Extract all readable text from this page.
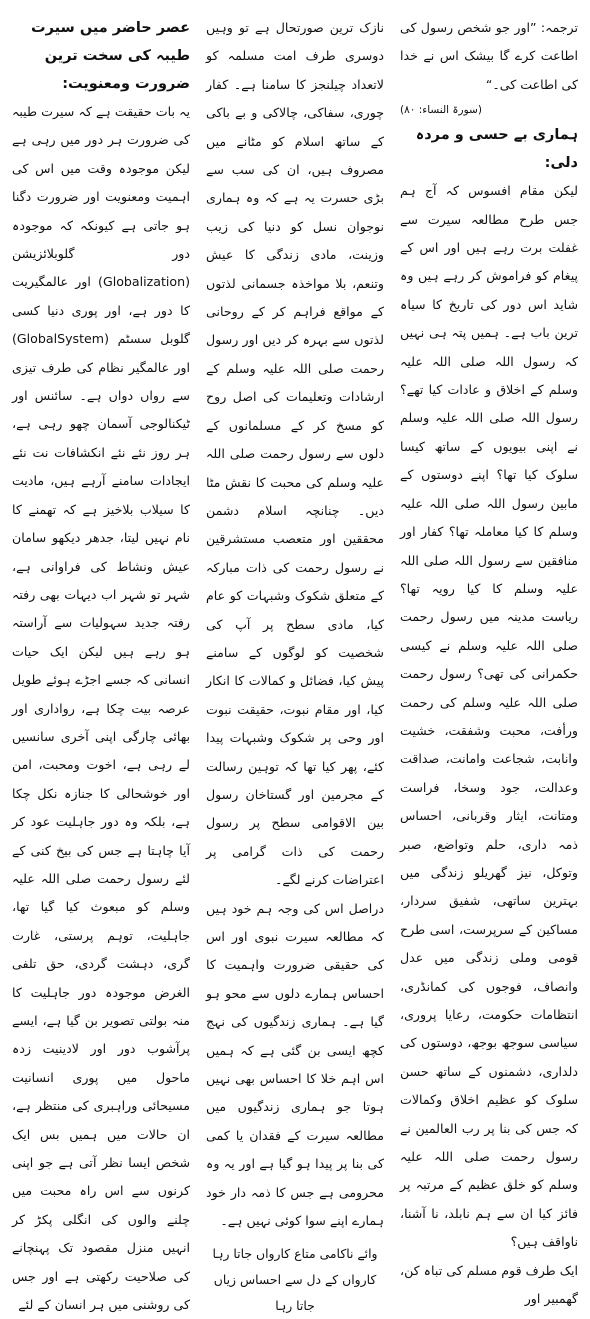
ترجمہ: ”اور جو شخص رسول کی اطاعت کرے گا بیشک اس نے خدا کی اطاعت کی۔“
(سورۃ النساء: ۸۰)

ہماری بے حسی و مردہ دلی:

لیکن مقام افسوس کہ آج ہم جس طرح مطالعہ سیرت سے غفلت برت رہے ہیں اور اس کے پیغام کو فراموش کر رہے ہیں وہ شاید اس دور کی تاریخ کا سیاہ ترین باب ہے۔ ہمیں پتہ ہی نہیں کہ رسول اللہ صلی اللہ علیہ وسلم کے اخلاق و عادات کیا تھے؟ رسول اللہ صلی اللہ علیہ وسلم نے اپنی بیویوں کے ساتھ کیسا سلوک کیا تھا؟ اپنے دوستوں کے مابین رسول اللہ صلی اللہ علیہ وسلم کا کیا معاملہ تھا؟ کفار اور منافقین سے رسول اللہ صلی اللہ علیہ وسلم کا کیا رویہ تھا؟ ریاست مدینہ میں رسول رحمت صلی اللہ علیہ وسلم نے کیسی حکمرانی کی تھی؟ رسول رحمت صلی اللہ علیہ وسلم کی رحمت ورأفت، محبت وشفقت، خشیت وانابت، شجاعت وامانت، صداقت وعدالت، جود وسخا، فراست ومتانت، ایثار وقربانی، احساس ذمہ داری، حلم وتواضع، صبر وتوکل، نیز گھریلو زندگی میں بہترین ساتھی، شفیق سردار، مساکین کے سرپرست، اسی طرح قومی وملی زندگی میں عدل وانصاف، فوجوں کی کمانڈری، انتظامات حکومت، رعایا پروری، سیاسی سوجھ بوجھ، دوستوں کی دلداری، دشمنوں کے ساتھ حسن سلوک کو عظیم اخلاق وکمالات کہ جس کی بنا پر رب العالمین نے رسول رحمت صلی اللہ علیہ وسلم کو خلق عظیم کے مرتبہ پر فائز کیا ان سے ہم نابلد، نا آشنا، ناواقف ہیں؟

ایک طرف قوم مسلم کی تباہ کن، گھمبیر اور

نازک ترین صورتحال ہے تو وہیں دوسری طرف امت مسلمہ کو لاتعداد چیلنجز کا سامنا ہے۔ کفار چوری، سفاکی، چالاکی و بے باکی کے ساتھ اسلام کو مٹانے میں مصروف ہیں، ان کی سب سے بڑی حسرت یہ ہے کہ وہ ہماری نوجوان نسل کو دنیا کی زیب وزینت، مادی زندگی کا عیش وتنعم، بلا مواخذہ جسمانی لذتوں کے مواقع فراہم کر کے روحانی لذتوں سے بہرہ کر دیں اور رسول رحمت صلی اللہ علیہ وسلم کے ارشادات وتعلیمات کی اصل روح کو مسخ کر کے مسلمانوں کے دلوں سے رسول رحمت صلی اللہ علیہ وسلم کی محبت کا نقش مٹا دیں۔ چنانچہ اسلام دشمن محققین اور متعصب مستشرقین نے رسول رحمت کی ذات مبارکہ کے متعلق شکوک وشبہات کو عام کیا، مادی سطح پر آپ کی شخصیت کو لوگوں کے سامنے پیش کیا، فضائل و کمالات کا انکار کیا، اور مقام نبوت، حقیقت نبوت اور وحی پر شکوک وشبہات پیدا کئے، پھر کیا تھا کہ توہین رسالت کے مجرمین اور گستاخان رسول بین الاقوامی سطح پر رسول رحمت کی ذات گرامی پر اعتراضات کرنے لگے۔

دراصل اس کی وجہ ہم خود ہیں کہ مطالعہ سیرت نبوی اور اس کی حقیقی ضرورت واہمیت کا احساس ہمارے دلوں سے محو ہو گیا ہے۔ ہماری زندگیوں کی نہج کچھ ایسی بن گئی ہے کہ ہمیں اس اہم خلا کا احساس بھی نہیں ہوتا جو ہماری زندگیوں میں مطالعہ سیرت کے فقدان یا کمی کی بنا پر پیدا ہو گیا ہے اور یہ وہ محرومی ہے جس کا ذمہ دار خود ہمارے اپنے سوا کوئی نہیں ہے۔

وائے ناکامی متاع کارواں جاتا رہا
کارواں کے دل سے احساس زیاں جاتا رہا

عصر حاضر میں سیرت طیبہ کی سخت ترین ضرورت ومعنویت:

یہ بات حقیقت ہے کہ سیرت طیبہ کی ضرورت ہر دور میں رہی ہے لیکن موجودہ وقت میں اس کی اہمیت ومعنویت اور ضرورت دگنا ہو جاتی ہے کیونکہ کہ موجودہ دور گلوبلائزیشن (Globalization) اور عالمگیریت کا دور ہے، اور پوری دنیا کسی گلوبل سسٹم (GlobalSystem) اور عالمگیر نظام کی طرف تیزی سے رواں دواں ہے۔ سائنس اور ٹیکنالوجی آسمان چھو رہی ہے، ہر روز نئے نئے انکشافات نت نئے ایجادات سامنے آرہے ہیں، مادیت کا سیلاب بلاخیز ہے کہ تھمنے کا نام نہیں لیتا، جدھر دیکھو سامان عیش ونشاط کی فراوانی ہے، شہر تو شہر اب دیہات بھی رفتہ رفتہ جدید سہولیات سے آراستہ ہو رہے ہیں لیکن ایک حیات انسانی کہ جسے اجڑے ہوئے طویل عرصہ بیت چکا ہے، رواداری اور بھائی چارگی اپنی آخری سانسیں لے رہی ہے، اخوت ومحبت، امن اور خوشحالی کا جنازہ نکل چکا ہے، بلکہ وہ دور جاہلیت عود کر آیا چاہتا ہے جس کی بیخ کنی کے لئے رسول رحمت صلی اللہ علیہ وسلم کو مبعوث کیا گیا تھا، جاہلیت، توہم پرستی، غارت گری، دہشت گردی، حق تلفی الغرض موجودہ دور جاہلیت کا منہ بولتی تصویر بن گیا ہے، ایسے پرآشوب دور اور لادینیت زدہ ماحول میں پوری انسانیت مسیحائی وراہبری کی منتظر ہے، ان حالات میں ہمیں بس ایک شخص ایسا نظر آتی ہے جو اپنی کرنوں سے اس راہ محبت میں چلنے والوں کی انگلی پکڑ کر انہیں منزل مقصود تک پہنچانے کی صلاحیت رکھتی ہے اور جس کی روشنی میں ہر انسان کے لئے
